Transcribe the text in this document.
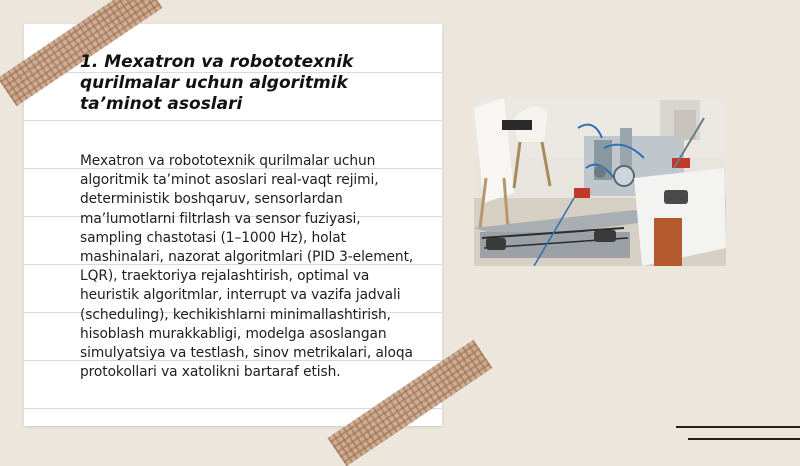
1. Mexatron va robototexnik qurilmalar uchun algoritmik ta’minot asoslari

Mexatron va robototexnik qurilmalar uchun algoritmik ta’minot asoslari real-vaqt rejimi, deterministik boshqaruv, sensorlardan ma’lumotlarni filtrlash va sensor fuziyasi, sampling chastotasi (1–1000 Hz), holat mashinalari, nazorat algoritmlari (PID 3-element, LQR), traektoriya rejalashtirish, optimal va heuristik algoritmlar, interrupt va vazifa jadvali (scheduling), kechikishlarni minimallashtirish, hisoblash murakkabligi, modelga asoslangan simulyatsiya va testlash, sinov metrikalari, aloqa protokollari va xatolikni bartaraf etish.
